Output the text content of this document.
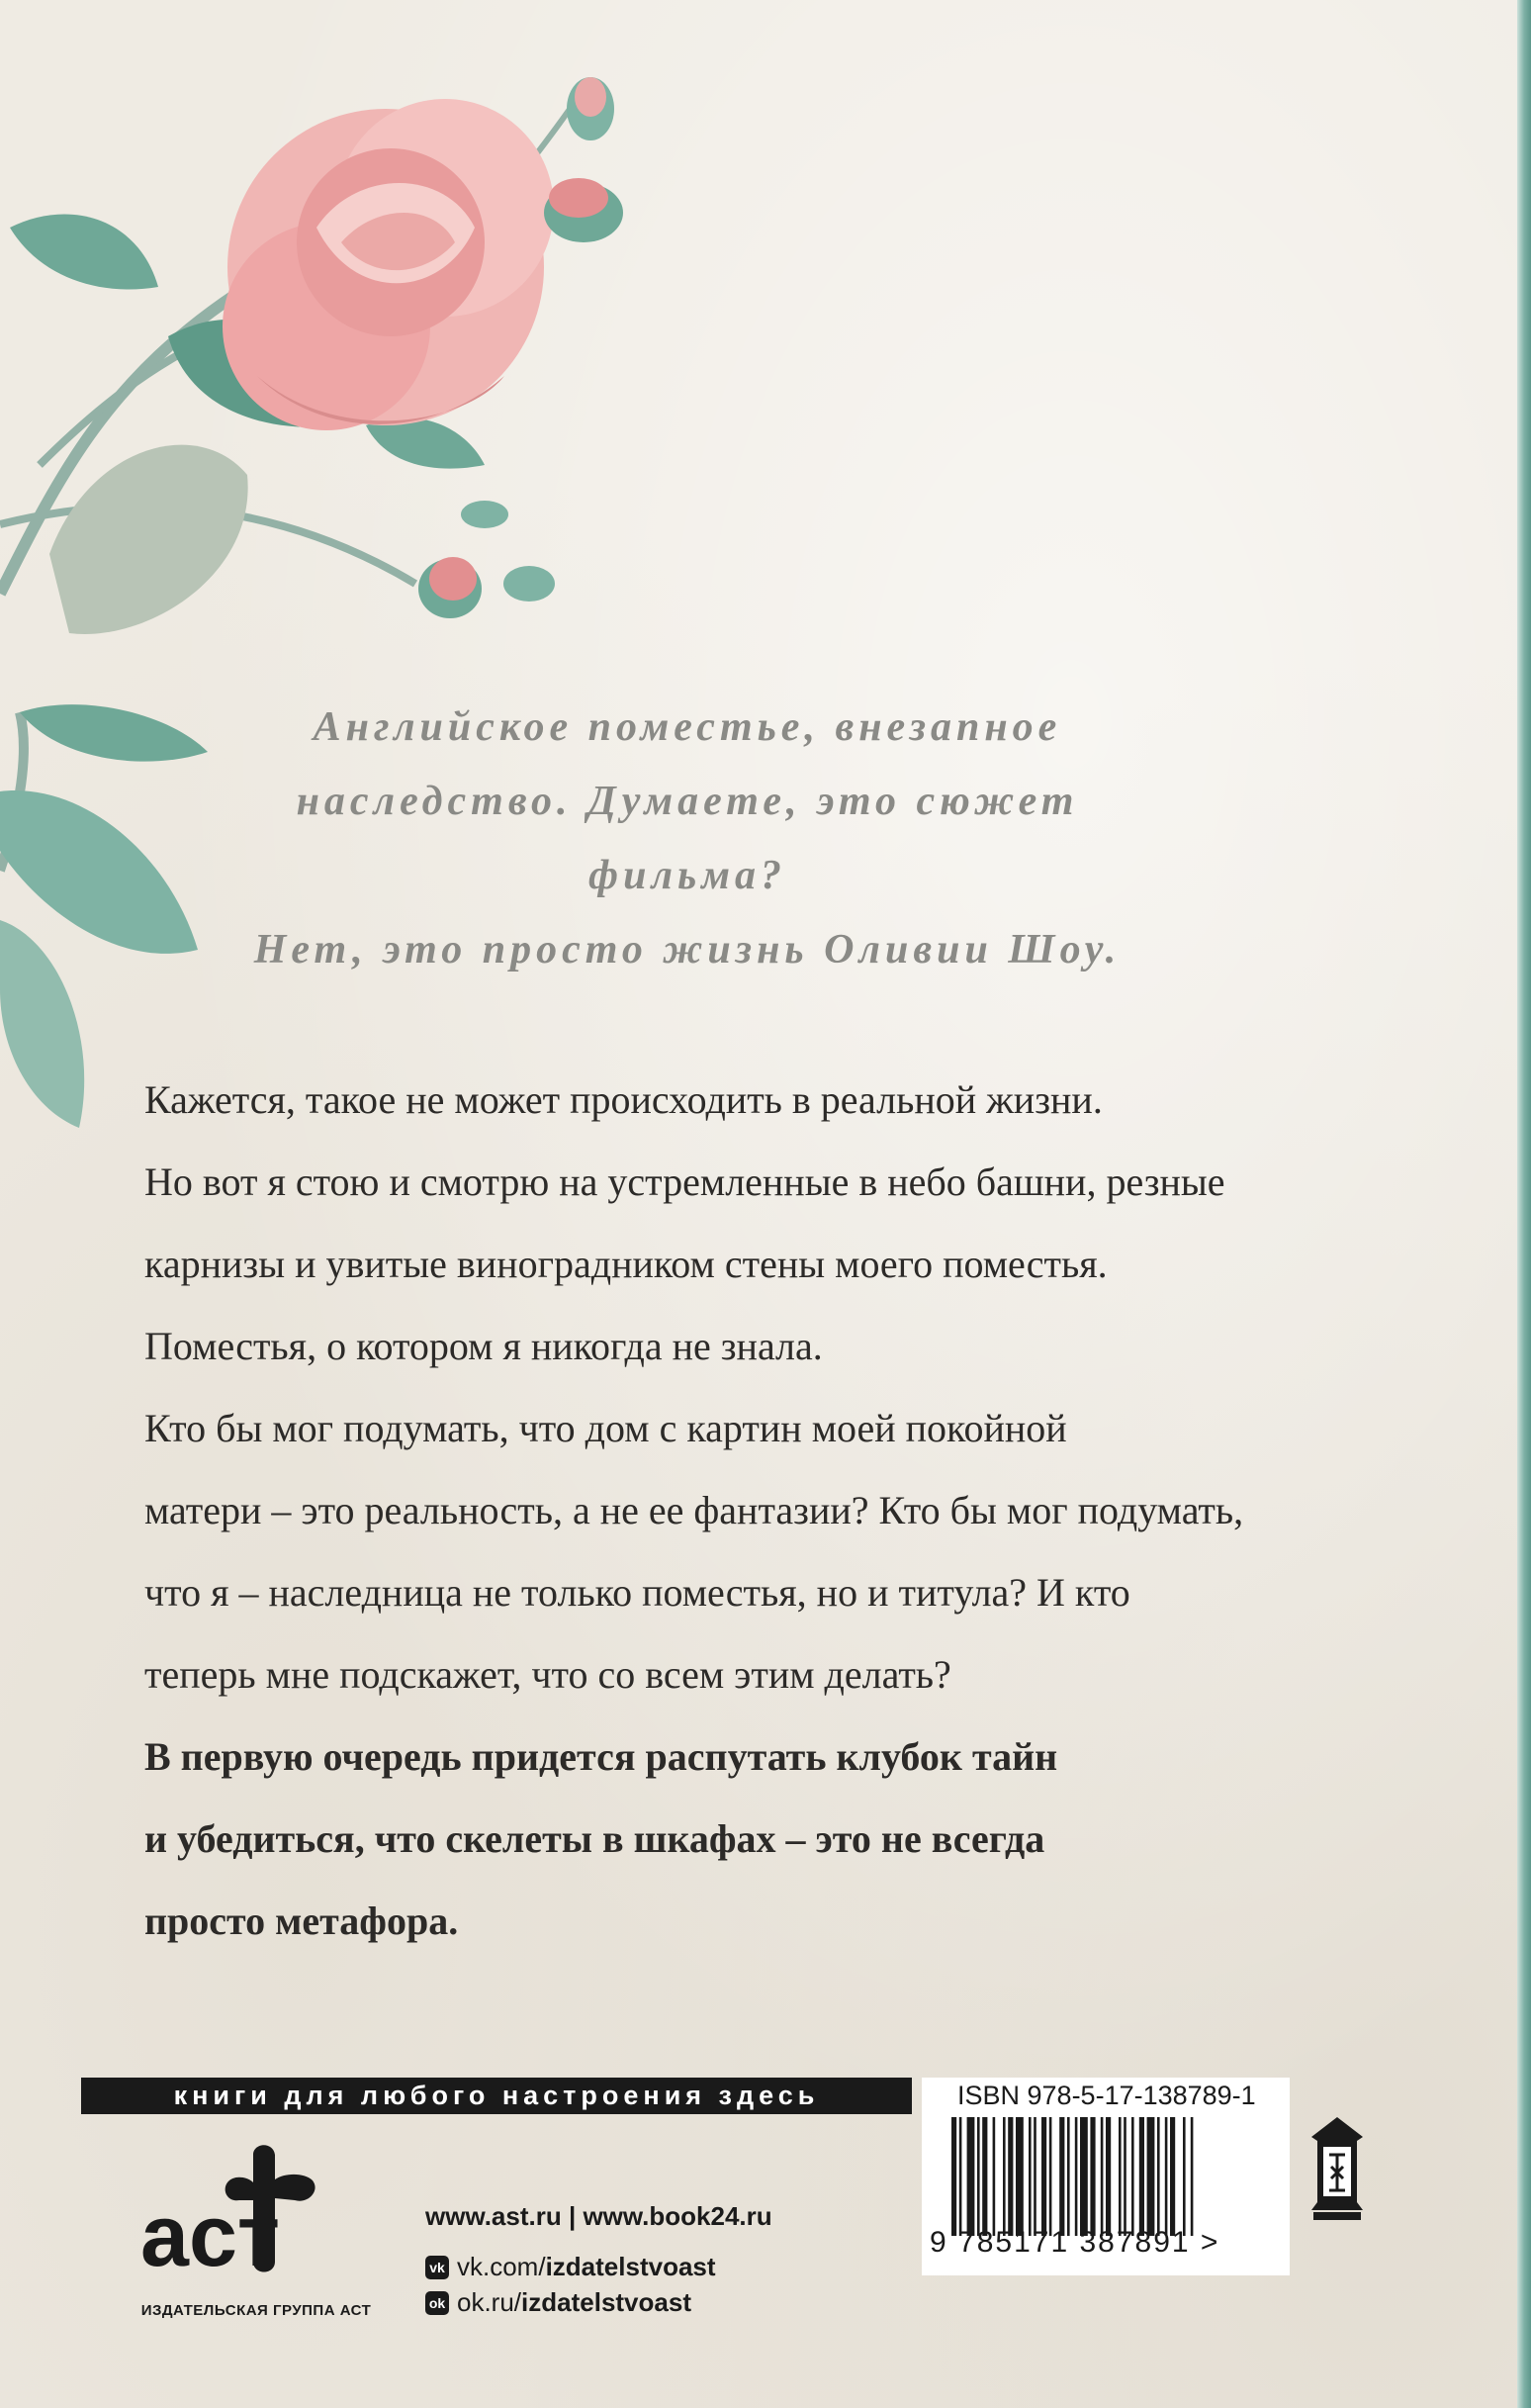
Английское поместье, внезапное
наследство. Думаете, это сюжет
фильма?
Нет, это просто жизнь Оливии Шоу.
Кажется, такое не может происходить в реальной жизни.
Но вот я стою и смотрю на устремленные в небо башни, резные
карнизы и увитые виноградником стены моего поместья.
Поместья, о котором я никогда не знала.
Кто бы мог подумать, что дом с картин моей покойной
матери – это реальность, а не ее фантазии? Кто бы мог подумать,
что я – наследница не только поместья, но и титула? И кто
теперь мне подскажет, что со всем этим делать?
В первую очередь придется распутать клубок тайн
и убедиться, что скелеты в шкафах – это не всегда
просто метафора.
книги для любого настроения здесь
аст
ИЗДАТЕЛЬСКАЯ ГРУППА АСТ
www.ast.ru | www.book24.ru
vk vk.com/ izdatelstvoast
ok ok.ru/ izdatelstvoast
ISBN 978-5-17-138789-1
9 785171 387891 >
